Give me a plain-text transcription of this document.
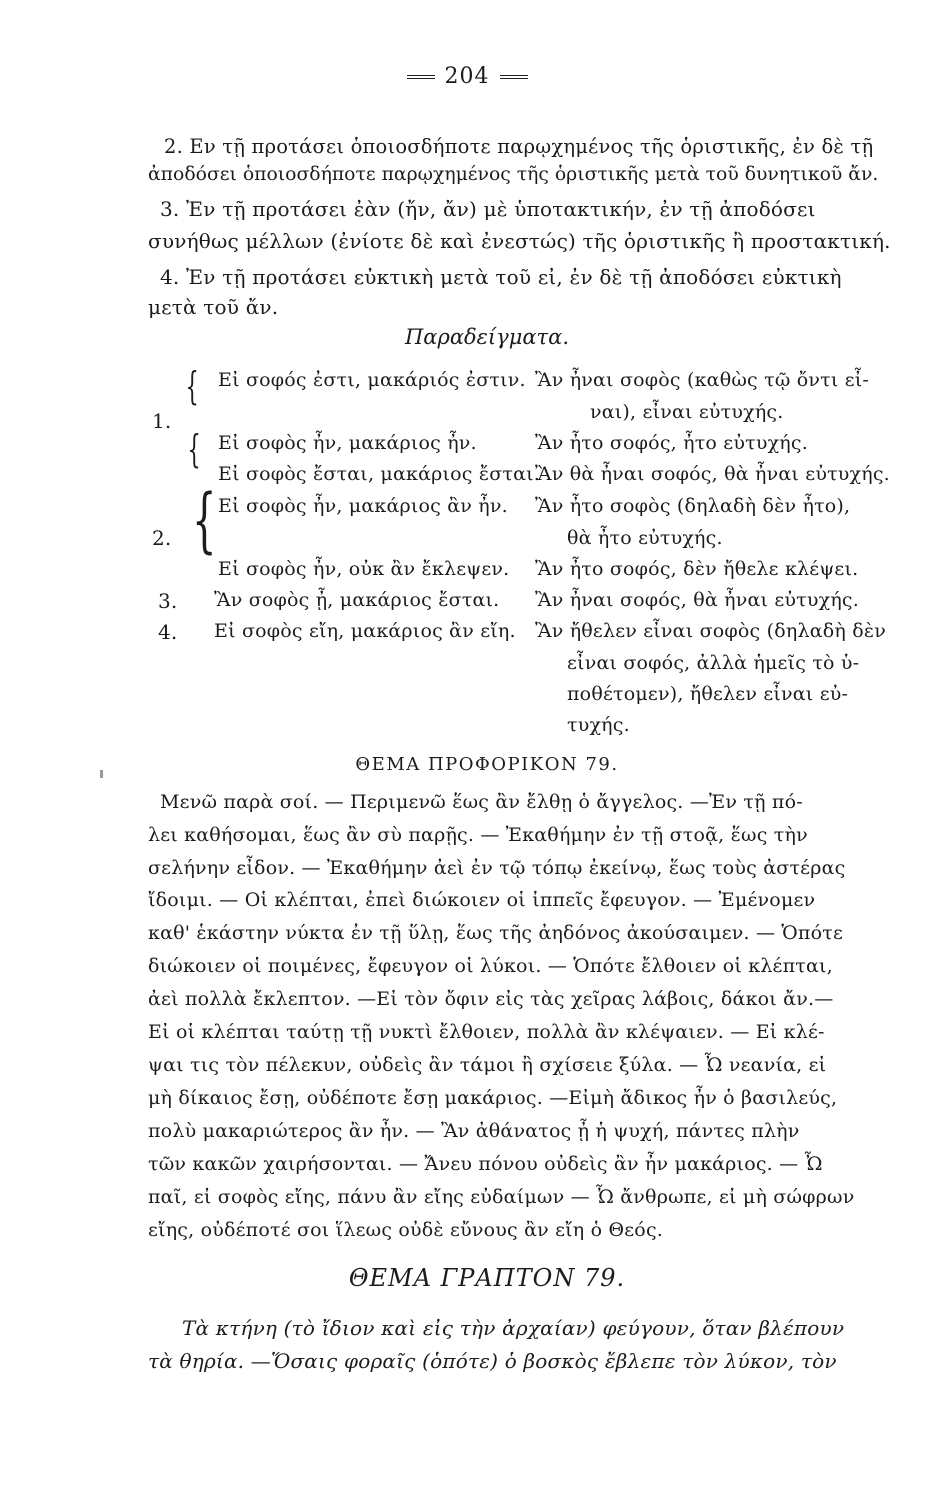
204
2. Εν τῇ προτάσει ὁποιοσδήποτε παρῳχημένος τῆς ὁριστικῆς, ἐν δὲ τῇ
ἀποδόσει ὁποιοσδήποτε παρῳχημένος τῆς ὁριστικῆς μετὰ τοῦ δυνητικοῦ ἄν.
3. Ἐν τῇ προτάσει ἐὰν (ἤν, ἄν) μὲ ὑποτακτικήν, ἐν τῇ ἀποδόσει
συνήθως μέλλων (ἐνίοτε δὲ καὶ ἐνεστώς) τῆς ὁριστικῆς ἢ προστακτική.
4. Ἐν τῇ προτάσει εὐκτικὴ μετὰ τοῦ εἰ, ἐν δὲ τῇ ἀποδόσει εὐκτικὴ
μετὰ τοῦ ἄν.
Παραδείγματα.
1.
{
{
Εἰ σοφός ἐστι, μακάριός ἐστιν. Ἂν ἦναι σοφὸς (καθὼς τῷ ὄντι εἶ-
ναι), εἶναι εὐτυχής.
Εἰ σοφὸς ἦν, μακάριος ἦν.	Ἂν ἦτο σοφός, ἦτο εὐτυχής.
Εἰ σοφὸς ἔσται, μακάριος ἔσται.
Ἂν θὰ ἦναι σοφός, θὰ ἦναι εὐτυχής.
2. { Εἰ σοφὸς ἦν, μακάριος ἂν ἦν. Ἂν ἦτο σοφὸς (δηλαδὴ δὲν ἦτο),
θὰ ἦτο εὐτυχής.
Εἰ σοφὸς ἦν, οὐκ ἂν ἔκλεψεν. Ἂν ἦτο σοφός, δὲν ἤθελε κλέψει.
3. Ἂν σοφὸς ᾖ, μακάριος ἔσται. Ἂν ἦναι σοφός, θὰ ἦναι εὐτυχής.
4. Εἰ σοφὸς εἴη, μακάριος ἂν εἴη. Ἂν ἤθελεν εἶναι σοφὸς (δηλαδὴ δὲν
εἶναι σοφός, ἀλλὰ ἡμεῖς τὸ ὑ-
ποθέτομεν), ἤθελεν εἶναι εὐ-
τυχής.
ΘΕΜΑ ΠΡΟΦΟΡΙΚΟΝ 79.
Μενῶ παρὰ σοί. — Περιμενῶ ἕως ἂν ἔλθῃ ὁ ἄγγελος. —Ἐν τῇ πό-
λει καθήσομαι, ἕως ἂν σὺ παρῇς. — Ἐκαθήμην ἐν τῇ στοᾷ, ἕως τὴν
σελήνην εἶδον. — Ἐκαθήμην ἀεὶ ἐν τῷ τόπῳ ἐκείνῳ, ἕως τοὺς ἀστέρας
ἴδοιμι. — Οἱ κλέπται, ἐπεὶ διώκοιεν οἱ ἱππεῖς ἔφευγον. — Ἐμένομεν
καθ' ἑκάστην νύκτα ἐν τῇ ὕλῃ, ἕως τῆς ἀηδόνος ἀκούσαιμεν. — Ὁπότε
διώκοιεν οἱ ποιμένες, ἔφευγον οἱ λύκοι. — Ὁπότε ἔλθοιεν οἱ κλέπται,
ἀεὶ πολλὰ ἔκλεπτον. —Εἰ τὸν ὄφιν εἰς τὰς χεῖρας λάβοις, δάκοι ἄν.—
Εἰ οἱ κλέπται ταύτῃ τῇ νυκτὶ ἔλθοιεν, πολλὰ ἂν κλέψαιεν. — Εἰ κλέ-
ψαι τις τὸν πέλεκυν, οὐδεὶς ἂν τάμοι ἢ σχίσειε ξύλα. — Ὦ νεανία, εἰ
μὴ δίκαιος ἔσῃ, οὐδέποτε ἔσῃ μακάριος. —Εἰμὴ ἄδικος ἦν ὁ βασιλεύς,
πολὺ μακαριώτερος ἂν ἦν. — Ἂν ἀθάνατος ᾖ ἡ ψυχή, πάντες πλὴν
τῶν κακῶν χαιρήσονται. — Ἄνευ πόνου οὐδεὶς ἂν ἦν μακάριος. — Ὦ
παῖ, εἰ σοφὸς εἴης, πάνυ ἂν εἴης εὐδαίμων — Ὦ ἄνθρωπε, εἰ μὴ σώφρων
εἴης, οὐδέποτέ σοι ἵλεως οὐδὲ εὔνους ἂν εἴη ὁ Θεός.
ΘΕΜΑ ΓΡΑΠΤΟΝ 79.
Τὰ κτήνη (τὸ ἴδιον καὶ εἰς τὴν ἀρχαίαν) φεύγουν, ὅταν βλέπουν
τὰ θηρία. —Ὅσαις φοραῖς (ὁπότε) ὁ βοσκὸς ἔβλεπε τὸν λύκον, τὸν
